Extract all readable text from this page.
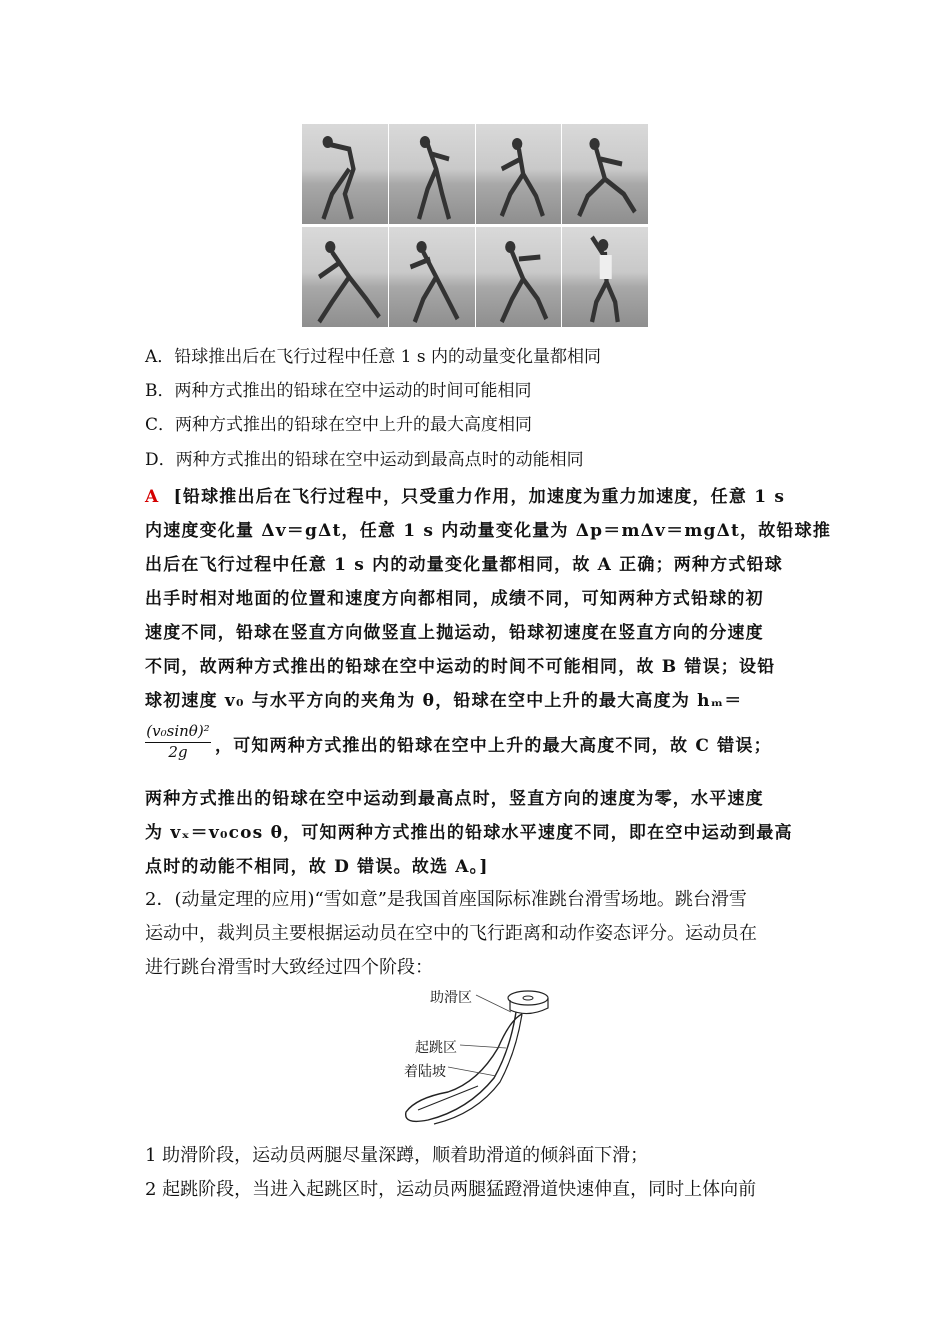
A．铅球推出后在飞行过程中任意 1 s 内的动量变化量都相同
B．两种方式推出的铅球在空中运动的时间可能相同
C．两种方式推出的铅球在空中上升的最大高度相同
D．两种方式推出的铅球在空中运动到最高点时的动能相同
A [铅球推出后在飞行过程中，只受重力作用，加速度为重力加速度，任意 1 s
内速度变化量 Δv＝gΔt，任意 1 s 内动量变化量为 Δp＝mΔv＝mgΔt，故铅球推
出后在飞行过程中任意 1 s 内的动量变化量都相同，故 A 正确；两种方式铅球
出手时相对地面的位置和速度方向都相同，成绩不同，可知两种方式铅球的初
速度不同，铅球在竖直方向做竖直上抛运动，铅球初速度在竖直方向的分速度
不同，故两种方式推出的铅球在空中运动的时间不可能相同，故 B 错误；设铅
球初速度 v₀ 与水平方向的夹角为 θ，铅球在空中上升的最大高度为 hₘ＝
$\frac{\text{(v₀sinθ)²}}{2g}$ ，可知两种方式推出的铅球在空中上升的最大高度不同，故 C 错误；
两种方式推出的铅球在空中运动到最高点时，竖直方向的速度为零，水平速度
为 vₓ＝v₀cos θ，可知两种方式推出的铅球水平速度不同，即在空中运动到最高
点时的动能不相同，故 D 错误。故选 A。]
2．(动量定理的应用)“雪如意”是我国首座国际标准跳台滑雪场地。跳台滑雪
运动中，裁判员主要根据运动员在空中的飞行距离和动作姿态评分。运动员在
进行跳台滑雪时大致经过四个阶段：
助滑区
起跳区
着陆坡
1 助滑阶段，运动员两腿尽量深蹲，顺着助滑道的倾斜面下滑；
2 起跳阶段，当进入起跳区时，运动员两腿猛蹬滑道快速伸直，同时上体向前
